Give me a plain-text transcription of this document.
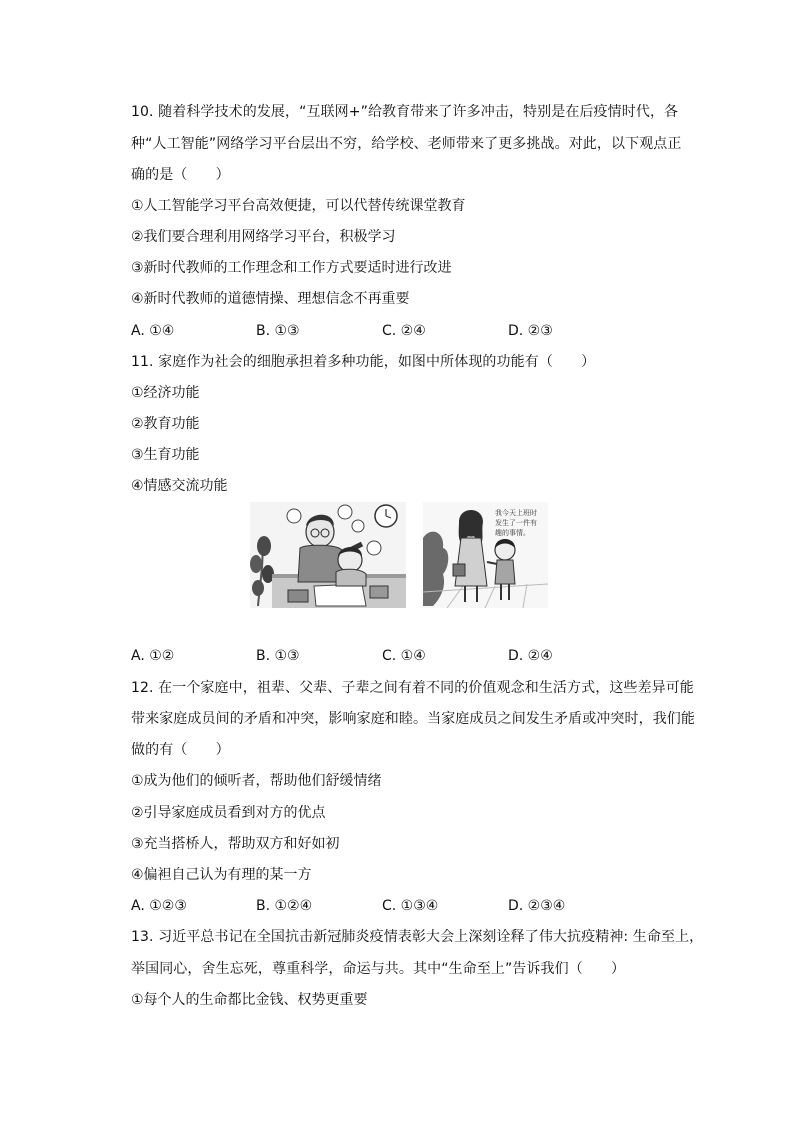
10. 随着科学技术的发展，“互联网+”给教育带来了许多冲击，特别是在后疫情时代，各
种“人工智能”网络学习平台层出不穷，给学校、老师带来了更多挑战。对此，以下观点正
确的是（　　）
①人工智能学习平台高效便捷，可以代替传统课堂教育
②我们要合理利用网络学习平台，积极学习
③新时代教师的工作理念和工作方式要适时进行改进
④新时代教师的道德情操、理想信念不再重要
A. ①④	B. ①③	C. ②④	D. ②③
11. 家庭作为社会的细胞承担着多种功能，如图中所体现的功能有（　　）
①经济功能
②教育功能
③生育功能
④情感交流功能
我今天上班时
发生了一件有
趣的事情。
A. ①②	B. ①③	C. ①④	D. ②④
12. 在一个家庭中，祖辈、父辈、子辈之间有着不同的价值观念和生活方式，这些差异可能
带来家庭成员间的矛盾和冲突，影响家庭和睦。当家庭成员之间发生矛盾或冲突时，我们能
做的有（　　）
①成为他们的倾听者，帮助他们舒缓情绪
②引导家庭成员看到对方的优点
③充当搭桥人，帮助双方和好如初
④偏袒自己认为有理的某一方
A. ①②③	B. ①②④	C. ①③④	D. ②③④
13. 习近平总书记在全国抗击新冠肺炎疫情表彰大会上深刻诠释了伟大抗疫精神: 生命至上，
举国同心，舍生忘死，尊重科学，命运与共。其中“生命至上”告诉我们（　　）
①每个人的生命都比金钱、权势更重要
